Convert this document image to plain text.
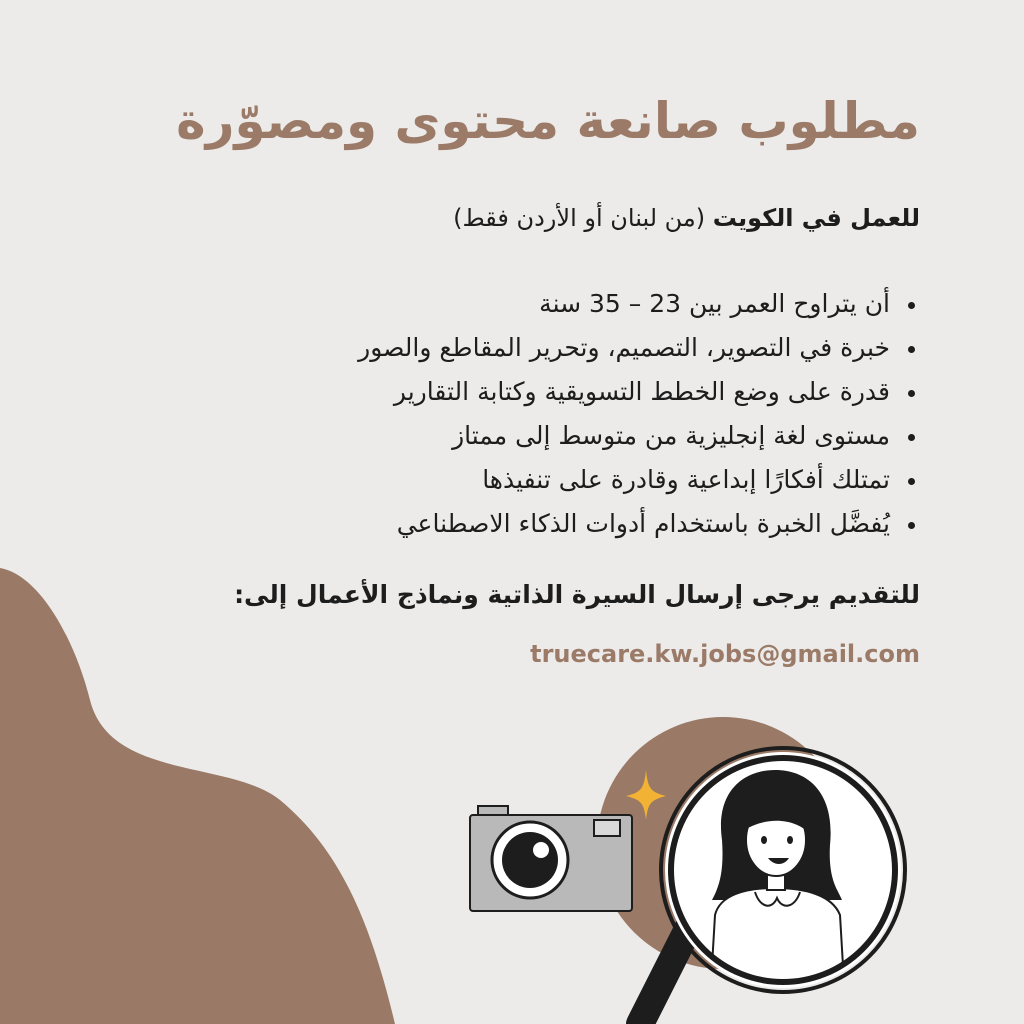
مطلوب صانعة محتوى ومصوّرة

للعمل في الكويت (من لبنان أو الأردن فقط)

أن يتراوح العمر بين 23 – 35 سنة
خبرة في التصوير، التصميم، وتحرير المقاطع والصور
قدرة على وضع الخطط التسويقية وكتابة التقارير
مستوى لغة إنجليزية من متوسط إلى ممتاز
تمتلك أفكارًا إبداعية وقادرة على تنفيذها
يُفضَّل الخبرة باستخدام أدوات الذكاء الاصطناعي

للتقديم يرجى إرسال السيرة الذاتية ونماذج الأعمال إلى:

truecare.kw.jobs@gmail.com
